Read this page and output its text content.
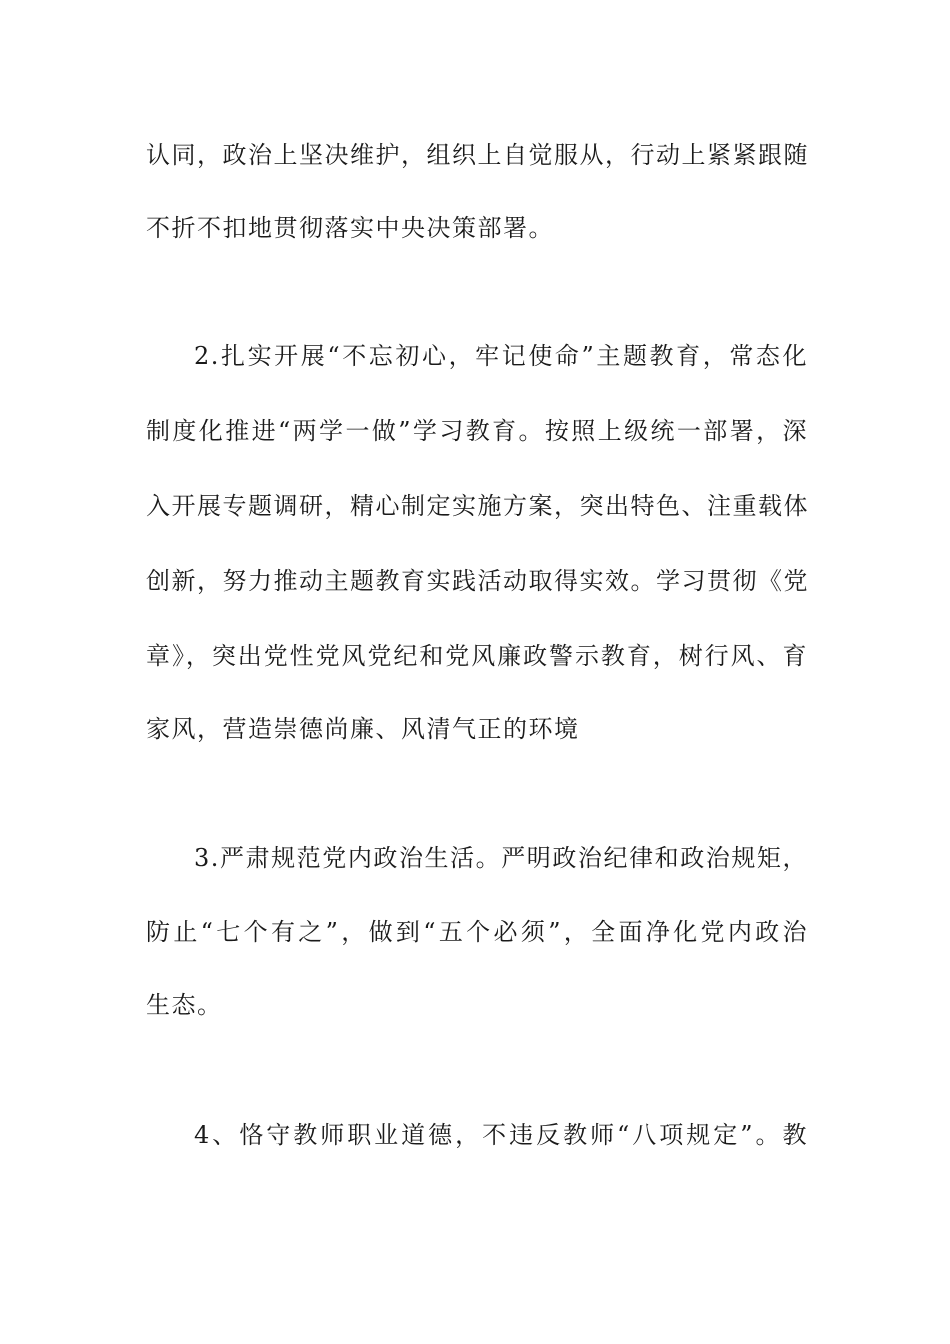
认同，政治上坚决维护，组织上自觉服从，行动上紧紧跟随
不折不扣地贯彻落实中央决策部署。
2.扎实开展“不忘初心，牢记使命”主题教育，常态化
制度化推进“两学一做”学习教育。按照上级统一部署，深
入开展专题调研，精心制定实施方案，突出特色、注重载体
创新，努力推动主题教育实践活动取得实效。学习贯彻《党
章》，突出党性党风党纪和党风廉政警示教育，树行风、育
家风，营造崇德尚廉、风清气正的环境
3.严肃规范党内政治生活。严明政治纪律和政治规矩，
防止“七个有之”，做到“五个必须”，全面净化党内政治
生态。
4、恪守教师职业道德，不违反教师“八项规定”。教
